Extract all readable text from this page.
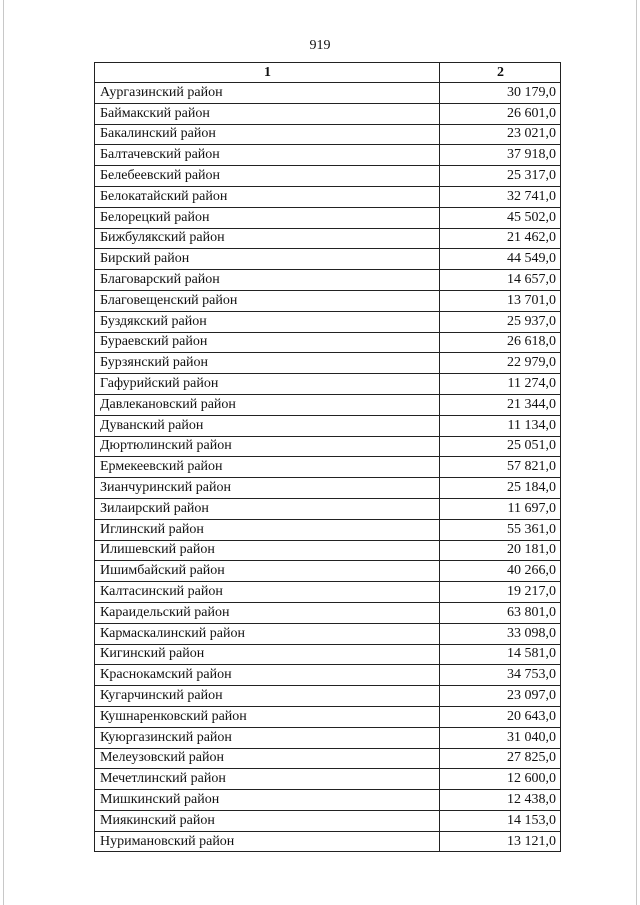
919
1	2
Аургазинский район	30 179,0
Баймакский район	26 601,0
Бакалинский район	23 021,0
Балтачевский район	37 918,0
Белебеевский район	25 317,0
Белокатайский район	32 741,0
Белорецкий район	45 502,0
Бижбулякский район	21 462,0
Бирский район	44 549,0
Благоварский район	14 657,0
Благовещенский район	13 701,0
Буздякский район	25 937,0
Бураевский район	26 618,0
Бурзянский район	22 979,0
Гафурийский район	11 274,0
Давлекановский район	21 344,0
Дуванский район	11 134,0
Дюртюлинский район	25 051,0
Ермекеевский район	57 821,0
Зианчуринский район	25 184,0
Зилаирский район	11 697,0
Иглинский район	55 361,0
Илишевский район	20 181,0
Ишимбайский район	40 266,0
Калтасинский район	19 217,0
Караидельский район	63 801,0
Кармаскалинский район	33 098,0
Кигинский район	14 581,0
Краснокамский район	34 753,0
Кугарчинский район	23 097,0
Кушнаренковский район	20 643,0
Куюргазинский район	31 040,0
Мелеузовский район	27 825,0
Мечетлинский район	12 600,0
Мишкинский район	12 438,0
Миякинский район	14 153,0
Нуримановский район	13 121,0
